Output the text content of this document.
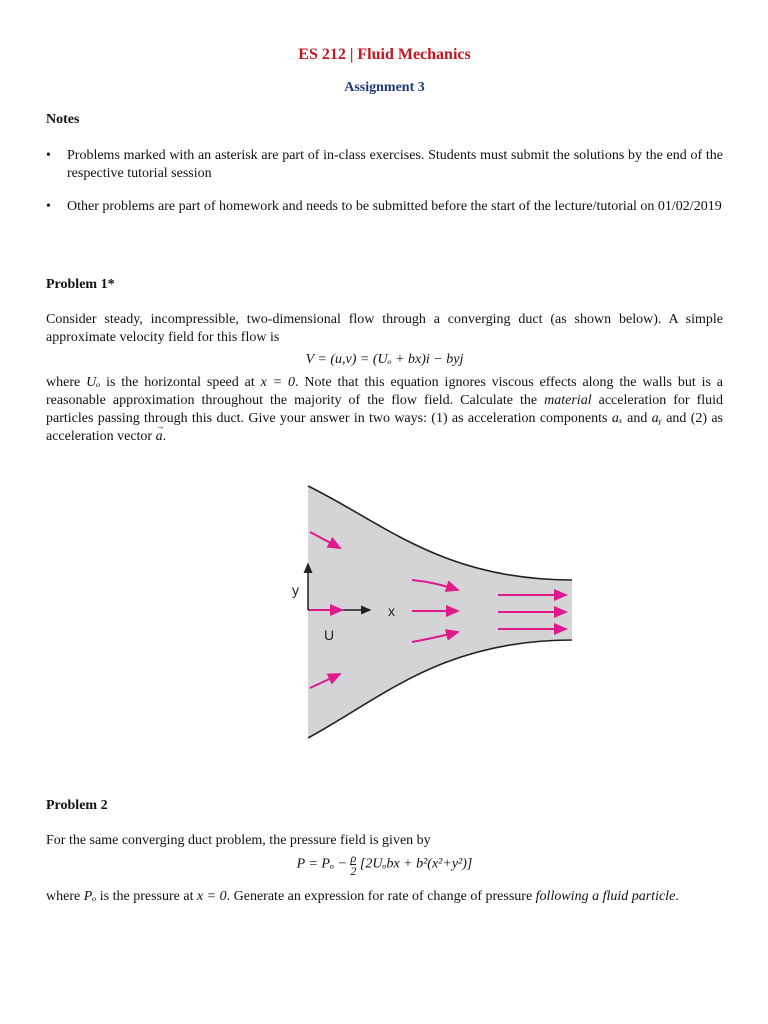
ES 212 | Fluid Mechanics
Assignment 3
Notes
• Problems marked with an asterisk are part of in-class exercises. Students must submit the solutions by the end of the respective tutorial session
• Other problems are part of homework and needs to be submitted before the start of the lecture/tutorial on 01/02/2019
Problem 1*
Consider steady, incompressible, two-dimensional flow through a converging duct (as shown below). A simple approximate velocity field for this flow is
V = (u,v) = (Uₒ + bx)i − byj
where Uₒ is the horizontal speed at x = 0. Note that this equation ignores viscous effects along the walls but is a reasonable approximation throughout the majority of the flow field. Calculate the material acceleration for fluid particles passing through this duct. Give your answer in two ways: (1) as acceleration components aₓ and aᵧ and (2) as acceleration vector → a.
y
x
U
Problem 2
For the same converging duct problem, the pressure field is given by
$P = P_o - \frac{\rho}{2} [2U_obx + b^2(x^2+y^2)]$
where Pₒ is the pressure at x = 0. Generate an expression for rate of change of pressure following a fluid particle.
